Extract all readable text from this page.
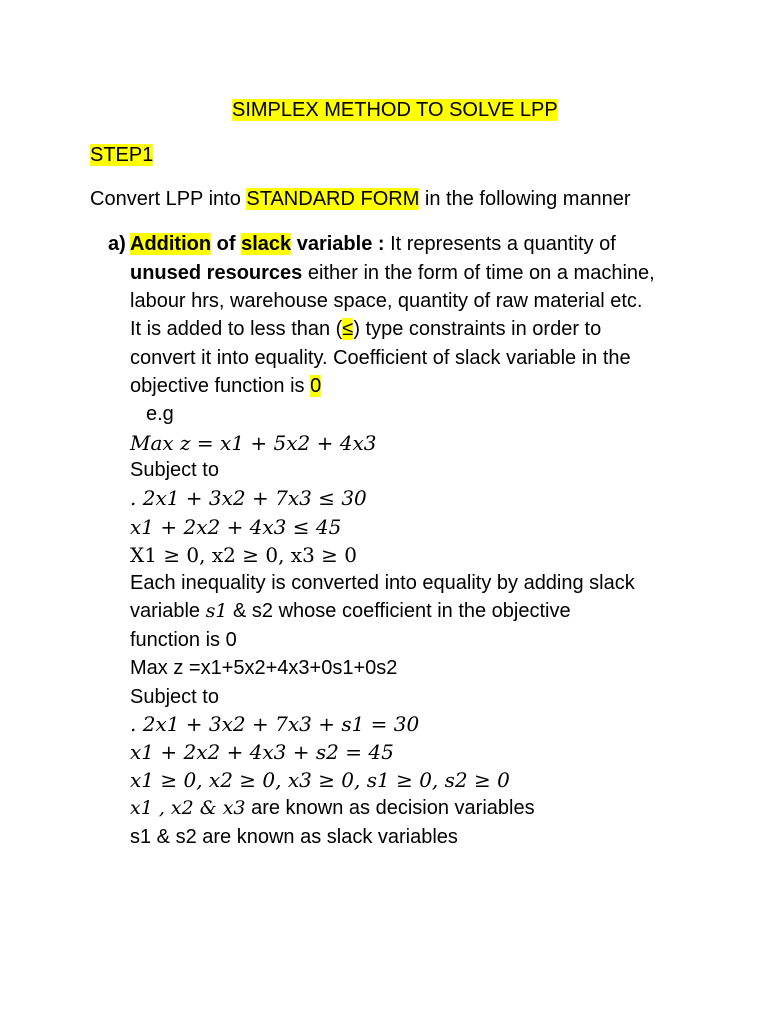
SIMPLEX METHOD TO SOLVE LPP
STEP1
Convert LPP into STANDARD FORM in the following manner
a) Addition of slack variable : It represents a quantity of
unused resources either in the form of time on a machine,
labour hrs, warehouse space, quantity of raw material etc.
It is added to less than (≤) type constraints in order to
convert it into equality. Coefficient of slack variable in the
objective function is 0
e.g
Max z = x1 + 5x2 + 4x3
Subject to
. 2x1 + 3x2 + 7x3 ≤ 30
x1 + 2x2 + 4x3 ≤ 45
X1 ≥ 0, x2 ≥ 0, x3 ≥ 0
Each inequality is converted into equality by adding slack
variable s1 & s2 whose coefficient in the objective
function is 0
Max z =x1+5x2+4x3+0s1+0s2
Subject to
. 2x1 + 3x2 + 7x3 + s1 = 30
x1 + 2x2 + 4x3 + s2 = 45
x1 ≥ 0, x2 ≥ 0, x3 ≥ 0, s1 ≥ 0, s2 ≥ 0
x1 , x2 & x3 are known as decision variables
s1 & s2 are known as slack variables
